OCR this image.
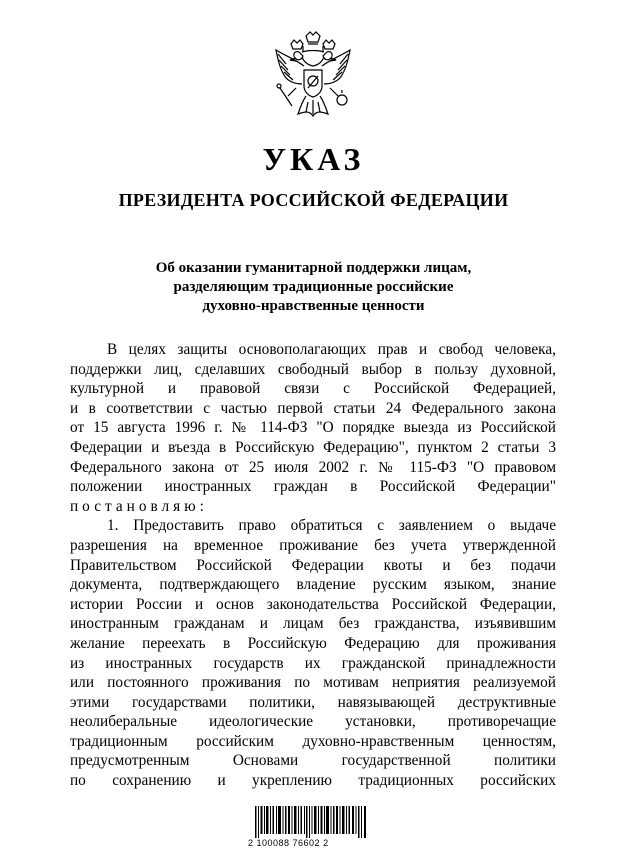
УКАЗ
ПРЕЗИДЕНТА РОССИЙСКОЙ ФЕДЕРАЦИИ
Об оказании гуманитарной поддержки лицам,
разделяющим традиционные российские
духовно-нравственные ценности
В целях защиты основополагающих прав и свобод человека,
поддержки лиц, сделавших свободный выбор в пользу духовной,
культурной и правовой связи с Российской Федерацией,
и в соответствии с частью первой статьи 24 Федерального закона
от 15 августа 1996 г. № 114-ФЗ "О порядке выезда из Российской
Федерации и въезда в Российскую Федерацию", пунктом 2 статьи 3
Федерального закона от 25 июля 2002 г. № 115-ФЗ "О правовом
положении иностранных граждан в Российской Федерации"
постановляю:
1. Предоставить право обратиться с заявлением о выдаче
разрешения на временное проживание без учета утвержденной
Правительством Российской Федерации квоты и без подачи
документа, подтверждающего владение русским языком, знание
истории России и основ законодательства Российской Федерации,
иностранным гражданам и лицам без гражданства, изъявившим
желание переехать в Российскую Федерацию для проживания
из иностранных государств их гражданской принадлежности
или постоянного проживания по мотивам неприятия реализуемой
этими государствами политики, навязывающей деструктивные
неолиберальные идеологические установки, противоречащие
традиционным российским духовно-нравственным ценностям,
предусмотренным Основами государственной политики
по сохранению и укреплению традиционных российских
2 100088 76602 2
